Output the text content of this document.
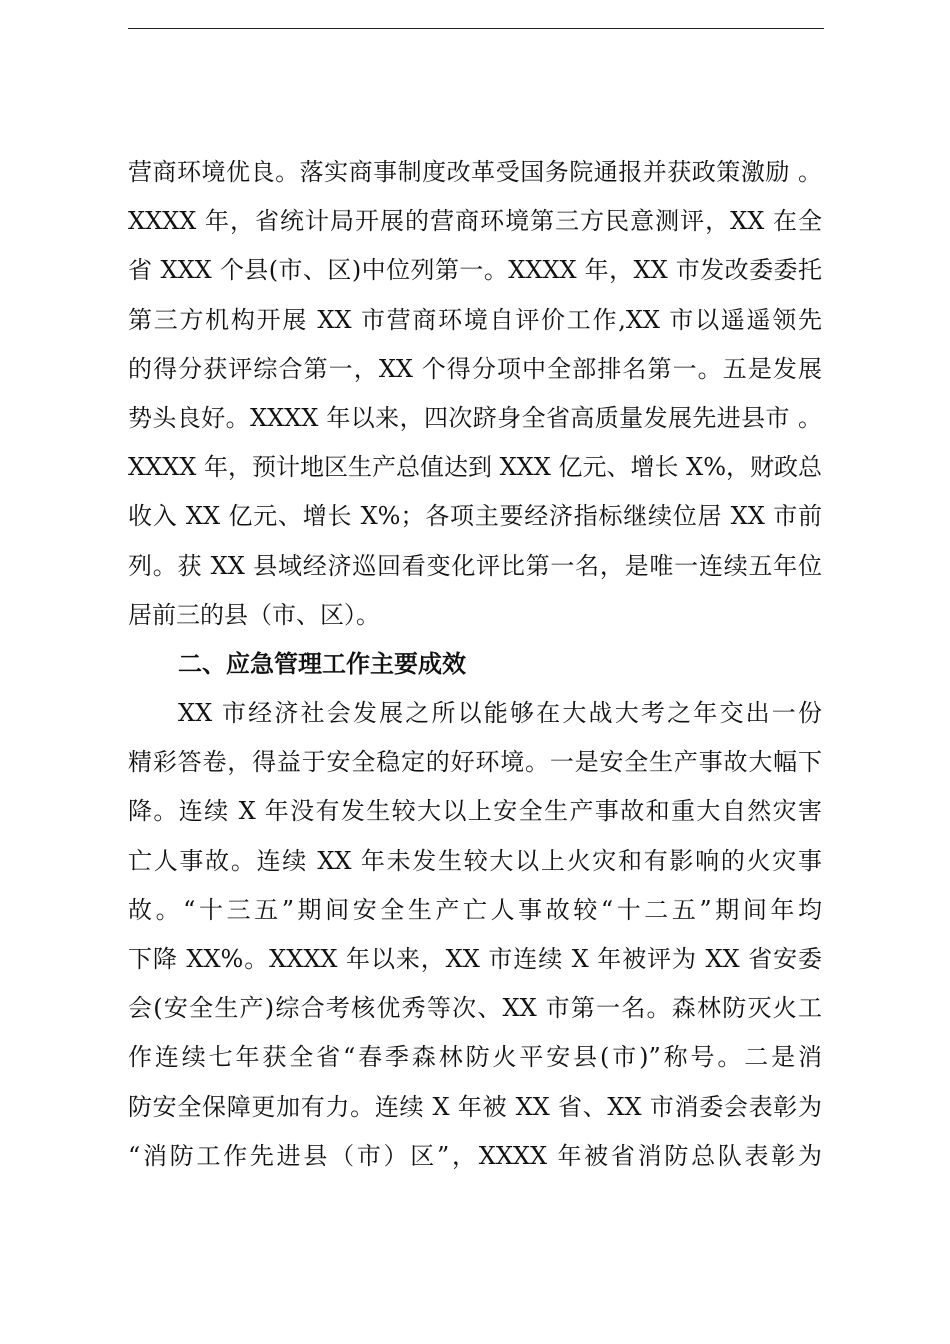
营商环境优良。落实商事制度改革受国务院通报并获政策激励 。
XXXX 年，省统计局开展的营商环境第三方民意测评，XX 在全
省 XXX 个县(市、区)中位列第一。XXXX 年，XX 市发改委委托
第三方机构开展 XX 市营商环境自评价工作,XX 市以遥遥领先
的得分获评综合第一，XX 个得分项中全部排名第一。五是发展
势头良好。XXXX 年以来，四次跻身全省高质量发展先进县市 。
XXXX 年，预计地区生产总值达到 XXX 亿元、增长 X%，财政总
收入 XX 亿元、增长 X%；各项主要经济指标继续位居 XX 市前
列。获 XX 县域经济巡回看变化评比第一名，是唯一连续五年位
居前三的县（市、区）。
二、应急管理工作主要成效
XX 市经济社会发展之所以能够在大战大考之年交出一份
精彩答卷，得益于安全稳定的好环境。一是安全生产事故大幅下
降。连续 X 年没有发生较大以上安全生产事故和重大自然灾害
亡人事故。连续 XX 年未发生较大以上火灾和有影响的火灾事
故。“十三五”期间安全生产亡人事故较“十二五”期间年均
下降 XX%。XXXX 年以来，XX 市连续 X 年被评为 XX 省安委
会(安全生产)综合考核优秀等次、XX 市第一名。森林防灭火工
作连续七年获全省“春季森林防火平安县(市)”称号。二是消
防安全保障更加有力。连续 X 年被 XX 省、XX 市消委会表彰为
“消防工作先进县（市）区”，XXXX 年被省消防总队表彰为
